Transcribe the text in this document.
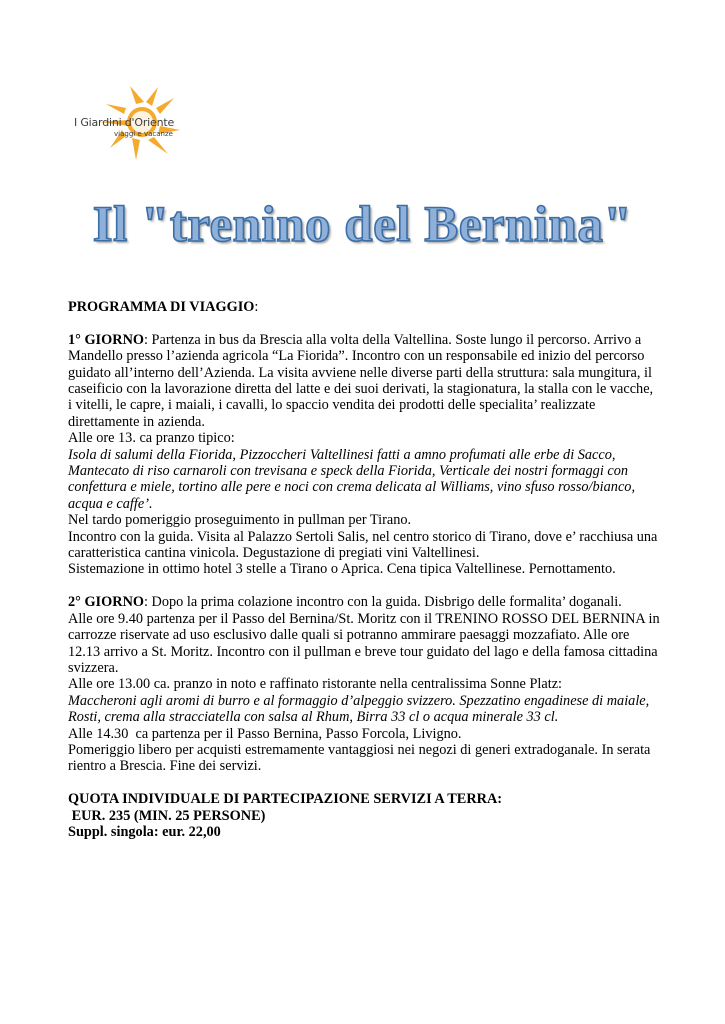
I Giardini d'Oriente
viaggi e vacanze
Il "trenino del Bernina"

PROGRAMMA DI VIAGGIO:

1° GIORNO: Partenza in bus da Brescia alla volta della Valtellina. Soste lungo il percorso. Arrivo a Mandello presso l’azienda agricola “La Fiorida”. Incontro con un responsabile ed inizio del percorso guidato all’interno dell’Azienda. La visita avviene nelle diverse parti della struttura: sala mungitura, il caseificio con la lavorazione diretta del latte e dei suoi derivati, la stagionatura, la stalla con le vacche, i vitelli, le capre, i maiali, i cavalli, lo spaccio vendita dei prodotti delle specialita’ realizzate direttamente in azienda.

Alle ore 13. ca pranzo tipico:

Isola di salumi della Fiorida, Pizzoccheri Valtellinesi fatti a amno profumati alle erbe di Sacco, Mantecato di riso carnaroli con trevisana e speck della Fiorida, Verticale dei nostri formaggi con confettura e miele, tortino alle pere e noci con crema delicata al Williams, vino sfuso rosso/bianco, acqua e caffe’.

Nel tardo pomeriggio proseguimento in pullman per Tirano.

Incontro con la guida. Visita al Palazzo Sertoli Salis, nel centro storico di Tirano, dove e’ racchiusa una caratteristica cantina vinicola. Degustazione di pregiati vini Valtellinesi.

Sistemazione in ottimo hotel 3 stelle a Tirano o Aprica. Cena tipica Valtellinese. Pernottamento.

2° GIORNO: Dopo la prima colazione incontro con la guida. Disbrigo delle formalita’ doganali.

Alle ore 9.40 partenza per il Passo del Bernina/St. Moritz con il TRENINO ROSSO DEL BERNINA in carrozze riservate ad uso esclusivo dalle quali si potranno ammirare paesaggi mozzafiato. Alle ore 12.13 arrivo a St. Moritz. Incontro con il pullman e breve tour guidato del lago e della famosa cittadina svizzera.

Alle ore 13.00 ca. pranzo in noto e raffinato ristorante nella centralissima Sonne Platz:

Maccheroni agli aromi di burro e al formaggio d’alpeggio svizzero. Spezzatino engadinese di maiale, Rosti, crema alla stracciatella con salsa al Rhum, Birra 33 cl o acqua minerale 33 cl.

Alle 14.30  ca partenza per il Passo Bernina, Passo Forcola, Livigno.

Pomeriggio libero per acquisti estremamente vantaggiosi nei negozi di generi extradoganale. In serata rientro a Brescia. Fine dei servizi.

QUOTA INDIVIDUALE DI PARTECIPAZIONE SERVIZI A TERRA:

EUR. 235 (MIN. 25 PERSONE)

Suppl. singola: eur. 22,00
